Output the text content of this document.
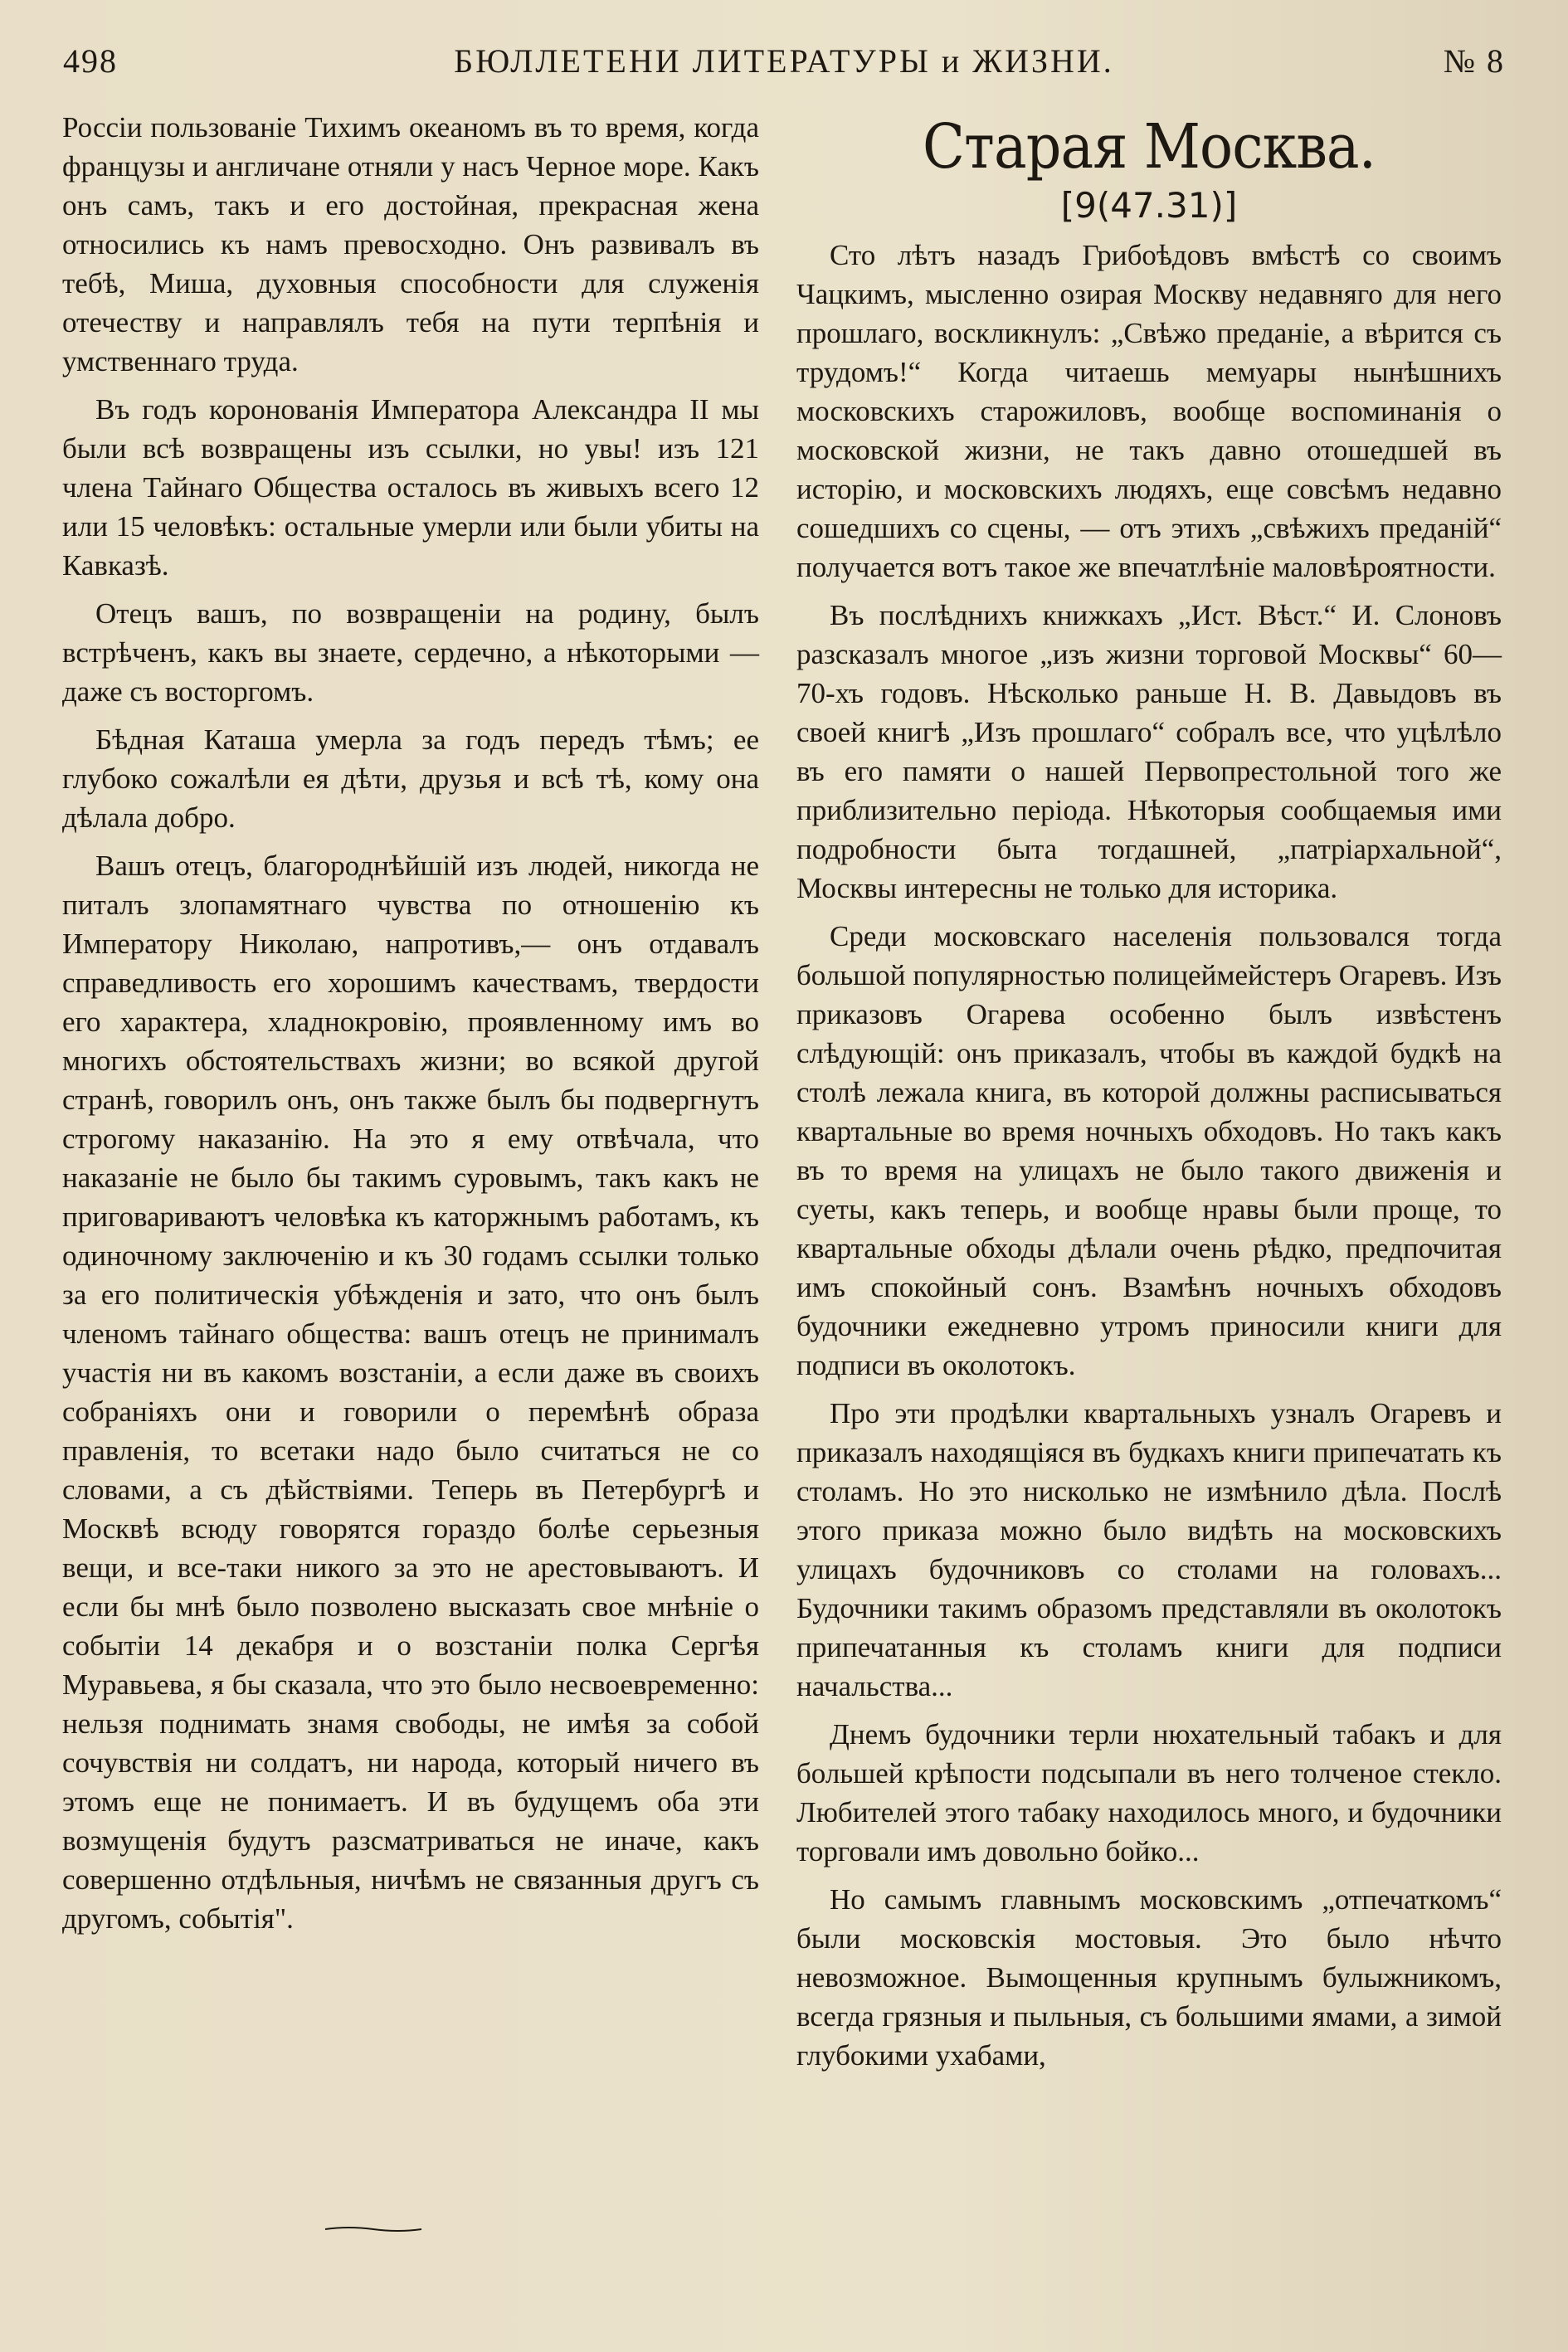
498	БЮЛЛЕТЕНИ ЛИТЕРАТУРЫ и ЖИЗНИ.	№ 8

Россіи пользованіе Тихимъ океаномъ въ то время, когда французы и англичане отняли у насъ Черное море. Какъ онъ самъ, такъ и его достойная, прекрасная жена относились къ намъ превосходно. Онъ развивалъ въ тебѣ, Миша, духовныя способности для служенія отечеству и направлялъ тебя на пути терпѣнія и умственнаго труда.

Въ годъ коронованія Императора Александра II мы были всѣ возвращены изъ ссылки, но увы! изъ 121 члена Тайнаго Общества осталось въ живыхъ всего 12 или 15 человѣкъ: остальные умерли или были убиты на Кавказѣ.

Отецъ вашъ, по возвращеніи на родину, былъ встрѣченъ, какъ вы знаете, сердечно, а нѣкоторыми — даже съ восторгомъ.

Бѣдная Каташа умерла за годъ передъ тѣмъ; ее глубоко сожалѣли ея дѣти, друзья и всѣ тѣ, кому она дѣлала добро.

Вашъ отецъ, благороднѣйшій изъ людей, никогда не питалъ злопамятнаго чувства по отношенію къ Императору Николаю, напротивъ,— онъ отдавалъ справедливость его хорошимъ качествамъ, твердости его характера, хладнокровію, проявленному имъ во многихъ обстоятельствахъ жизни; во всякой другой странѣ, говорилъ онъ, онъ также былъ бы подвергнутъ строгому наказанію. На это я ему отвѣчала, что наказаніе не было бы такимъ суровымъ, такъ какъ не приговариваютъ человѣка къ каторжнымъ работамъ, къ одиночному заключенію и къ 30 годамъ ссылки только за его политическія убѣжденія и зато, что онъ былъ членомъ тайнаго общества: вашъ отецъ не принималъ участія ни въ какомъ возстаніи, а если даже въ своихъ собраніяхъ они и говорили о перемѣнѣ образа правленія, то всетаки надо было считаться не со словами, а съ дѣйствіями. Теперь въ Петербургѣ и Москвѣ всюду говорятся гораздо болѣе серьезныя вещи, и все-таки никого за это не арестовываютъ. И если бы мнѣ было позволено высказать свое мнѣніе о событіи 14 декабря и о возстаніи полка Сергѣя Муравьева, я бы сказала, что это было несвоевременно: нельзя поднимать знамя свободы, не имѣя за собой сочувствія ни солдатъ, ни народа, который ничего въ этомъ еще не понимаетъ. И въ будущемъ оба эти возмущенія будутъ разсматриваться не иначе, какъ совершенно отдѣльныя, ничѣмъ не связанныя другъ съ другомъ, событія".

Старая Москва.
[9(47.31)]

Сто лѣтъ назадъ Грибоѣдовъ вмѣстѣ со своимъ Чацкимъ, мысленно озирая Москву недавняго для него прошлаго, воскликнулъ: „Свѣжо преданіе, а вѣрится съ трудомъ!“ Когда читаешь мемуары нынѣшнихъ московскихъ старожиловъ, вообще воспоминанія о московской жизни, не такъ давно отошедшей въ исторію, и московскихъ людяхъ, еще совсѣмъ недавно сошедшихъ со сцены, — отъ этихъ „свѣжихъ преданій“ получается вотъ такое же впечатлѣніе маловѣроятности.

Въ послѣднихъ книжкахъ „Ист. Вѣст.“ И. Слоновъ разсказалъ многое „изъ жизни торговой Москвы“ 60—70-хъ годовъ. Нѣсколько раньше Н. В. Давыдовъ въ своей книгѣ „Изъ прошлаго“ собралъ все, что уцѣлѣло въ его памяти о нашей Первопрестольной того же приблизительно періода. Нѣкоторыя сообщаемыя ими подробности быта тогдашней, „патріархальной“, Москвы интересны не только для историка.

Среди московскаго населенія пользовался тогда большой популярностью полицеймейстеръ Огаревъ. Изъ приказовъ Огарева особенно былъ извѣстенъ слѣдующій: онъ приказалъ, чтобы въ каждой будкѣ на столѣ лежала книга, въ которой должны расписываться квартальные во время ночныхъ обходовъ. Но такъ какъ въ то время на улицахъ не было такого движенія и суеты, какъ теперь, и вообще нравы были проще, то квартальные обходы дѣлали очень рѣдко, предпочитая имъ спокойный сонъ. Взамѣнъ ночныхъ обходовъ будочники ежедневно утромъ приносили книги для подписи въ околотокъ.

Про эти продѣлки квартальныхъ узналъ Огаревъ и приказалъ находящіяся въ будкахъ книги припечатать къ столамъ. Но это нисколько не измѣнило дѣла. Послѣ этого приказа можно было видѣть на московскихъ улицахъ будочниковъ со столами на головахъ... Будочники такимъ образомъ представляли въ околотокъ припечатанныя къ столамъ книги для подписи начальства...

Днемъ будочники терли нюхательный табакъ и для большей крѣпости подсыпали въ него толченое стекло. Любителей этого табаку находилось много, и будочники торговали имъ довольно бойко...

Но самымъ главнымъ московскимъ „отпечаткомъ“ были московскія мостовыя. Это было нѣчто невозможное. Вымощенныя крупнымъ булыжникомъ, всегда грязныя и пыльныя, съ большими ямами, а зимой глубокими ухабами,
